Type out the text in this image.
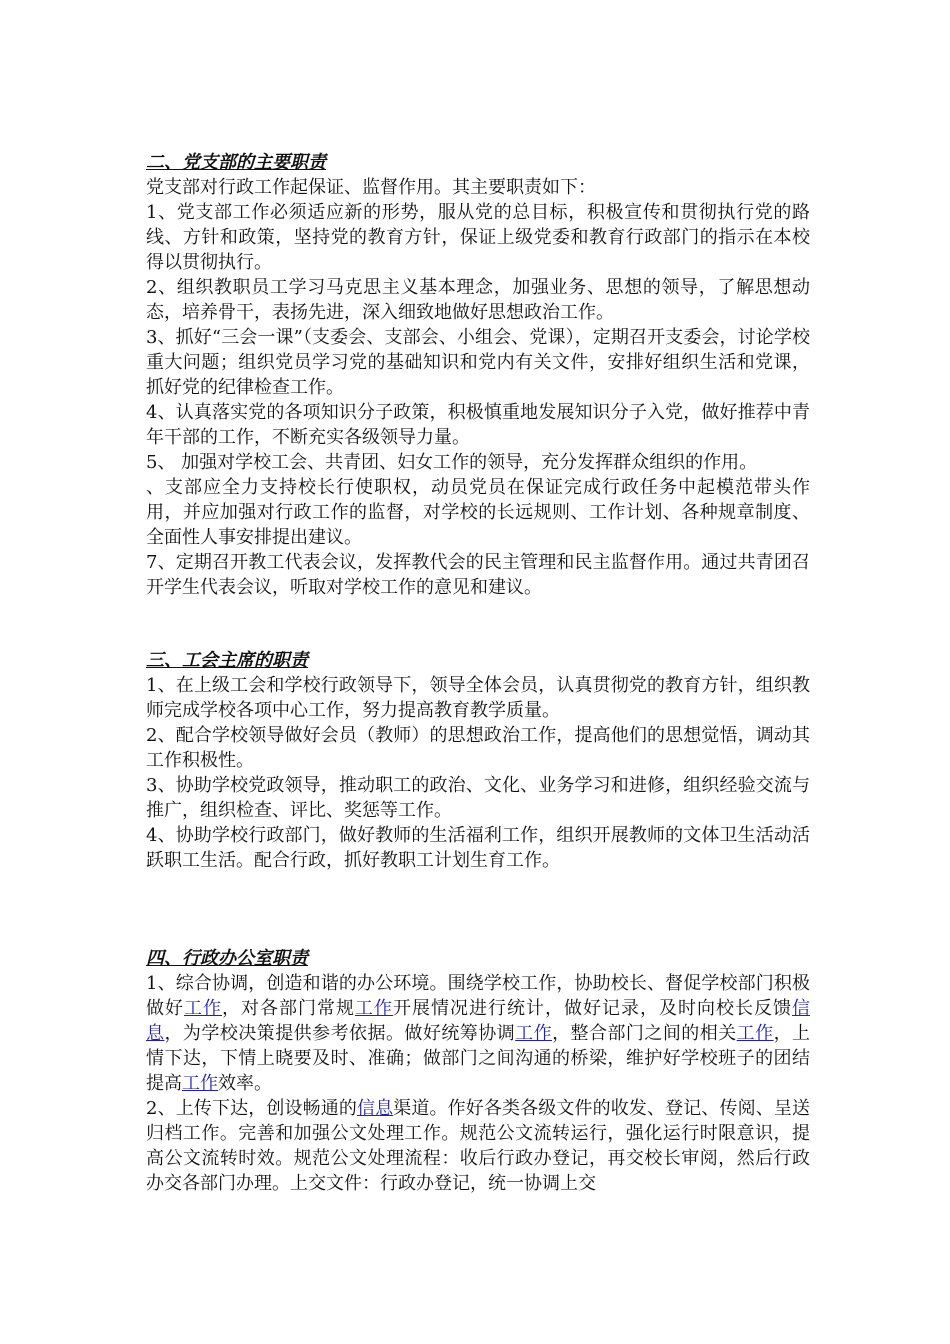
二、党支部的主要职责

党支部对行政工作起保证、监督作用。其主要职责如下：

1、党支部工作必须适应新的形势，服从党的总目标，积极宣传和贯彻执行党的路线、方针和政策，坚持党的教育方针，保证上级党委和教育行政部门的指示在本校得以贯彻执行。

2、组织教职员工学习马克思主义基本理念，加强业务、思想的领导，了解思想动态，培养骨干，表扬先进，深入细致地做好思想政治工作。

3、抓好“三会一课”（支委会、支部会、小组会、党课），定期召开支委会，讨论学校重大问题；组织党员学习党的基础知识和党内有关文件，安排好组织生活和党课，抓好党的纪律检查工作。

4、认真落实党的各项知识分子政策，积极慎重地发展知识分子入党，做好推荐中青年干部的工作，不断充实各级领导力量。

5、 加强对学校工会、共青团、妇女工作的领导，充分发挥群众组织的作用。

、支部应全力支持校长行使职权，动员党员在保证完成行政任务中起模范带头作用，并应加强对行政工作的监督，对学校的长远规则、工作计划、各种规章制度、全面性人事安排提出建议。

7、定期召开教工代表会议，发挥教代会的民主管理和民主监督作用。通过共青团召开学生代表会议，听取对学校工作的意见和建议。

三、工会主席的职责

1、在上级工会和学校行政领导下，领导全体会员，认真贯彻党的教育方针，组织教师完成学校各项中心工作，努力提高教育教学质量。

2、配合学校领导做好会员（教师）的思想政治工作，提高他们的思想觉悟，调动其工作积极性。

3、协助学校党政领导，推动职工的政治、文化、业务学习和进修，组织经验交流与推广，组织检查、评比、奖惩等工作。

4、协助学校行政部门，做好教师的生活福利工作，组织开展教师的文体卫生活动活跃职工生活。配合行政，抓好教职工计划生育工作。

四、行政办公室职责

1、综合协调，创造和谐的办公环境。围绕学校工作，协助校长、督促学校部门积极做好工作，对各部门常规工作开展情况进行统计，做好记录，及时向校长反馈信息，为学校决策提供参考依据。做好统筹协调工作，整合部门之间的相关工作，上情下达，下情上晓要及时、准确；做部门之间沟通的桥梁，维护好学校班子的团结提高工作效率。

2、上传下达，创设畅通的信息渠道。作好各类各级文件的收发、登记、传阅、呈送归档工作。完善和加强公文处理工作。规范公文流转运行，强化运行时限意识，提高公文流转时效。规范公文处理流程：收后行政办登记，再交校长审阅，然后行政办交各部门办理。上交文件：行政办登记，统一协调上交
